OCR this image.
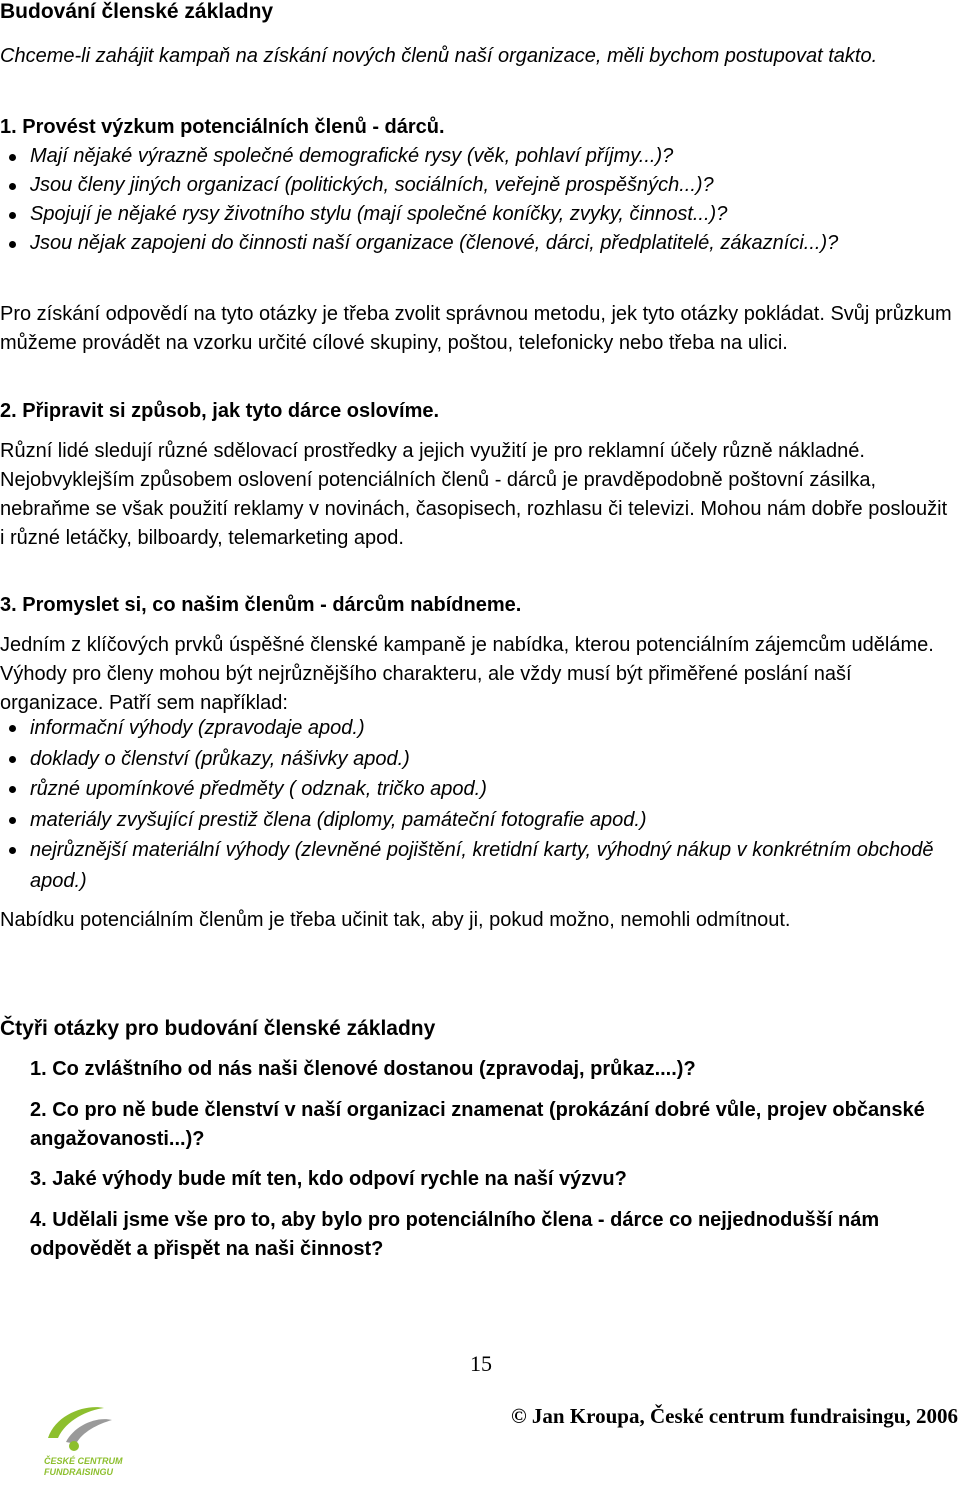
Budování členské základny

Chceme-li zahájit kampaň na získání nových členů naší organizace, měli bychom postupovat takto.

1. Provést výzkum potenciálních členů - dárců.

Mají nějaké výrazně společné demografické rysy (věk, pohlaví příjmy...)?
Jsou členy jiných organizací (politických, sociálních, veřejně prospěšných...)?
Spojují je nějaké rysy životního stylu (mají společné koníčky, zvyky, činnost...)?
Jsou nějak zapojeni do činnosti naší organizace (členové, dárci, předplatitelé, zákazníci...)?

Pro získání odpovědí na tyto otázky je třeba zvolit správnou metodu, jek tyto otázky pokládat. Svůj průzkum můžeme provádět na vzorku určité cílové skupiny, poštou, telefonicky nebo třeba na ulici.

2. Připravit si způsob, jak tyto dárce oslovíme.

Různí lidé sledují různé sdělovací prostředky a jejich využití je pro reklamní účely různě nákladné. Nejobvyklejším způsobem oslovení potenciálních členů - dárců je pravděpodobně poštovní zásilka, nebraňme se však použití reklamy v novinách, časopisech, rozhlasu či televizi. Mohou nám dobře posloužit i různé letáčky, bilboardy, telemarketing apod.

3. Promyslet si, co našim členům - dárcům nabídneme.

Jedním z klíčových prvků úspěšné členské kampaně je nabídka, kterou potenciálním zájemcům uděláme. Výhody pro členy mohou být nejrůznějšího charakteru, ale vždy musí být přiměřené poslání naší organizace. Patří sem například:

informační výhody (zpravodaje apod.)
doklady o členství (průkazy, nášivky apod.)
různé upomínkové předměty ( odznak, tričko apod.)
materiály zvyšující prestiž člena (diplomy, památeční fotografie apod.)
nejrůznější materiální výhody (zlevněné pojištění, kretidní karty, výhodný nákup v konkrétním obchodě apod.)

Nabídku potenciálním členům je třeba učinit tak, aby ji, pokud možno, nemohli odmítnout.

Čtyři otázky pro budování členské základny
1. Co zvláštního od nás naši členové dostanou (zpravodaj, průkaz....)?
2. Co pro ně bude členství v naší organizaci znamenat (prokázání dobré vůle, projev občanské angažovanosti...)?
3. Jaké výhody bude mít ten, kdo odpoví rychle na naší výzvu?
4. Udělali jsme vše pro to, aby bylo pro potenciálního člena - dárce co nejjednodušší nám odpovědět a přispět na naši činnost?
15
ČESKÉ CENTRUM
FUNDRAISINGU
© Jan Kroupa, České centrum fundraisingu, 2006
